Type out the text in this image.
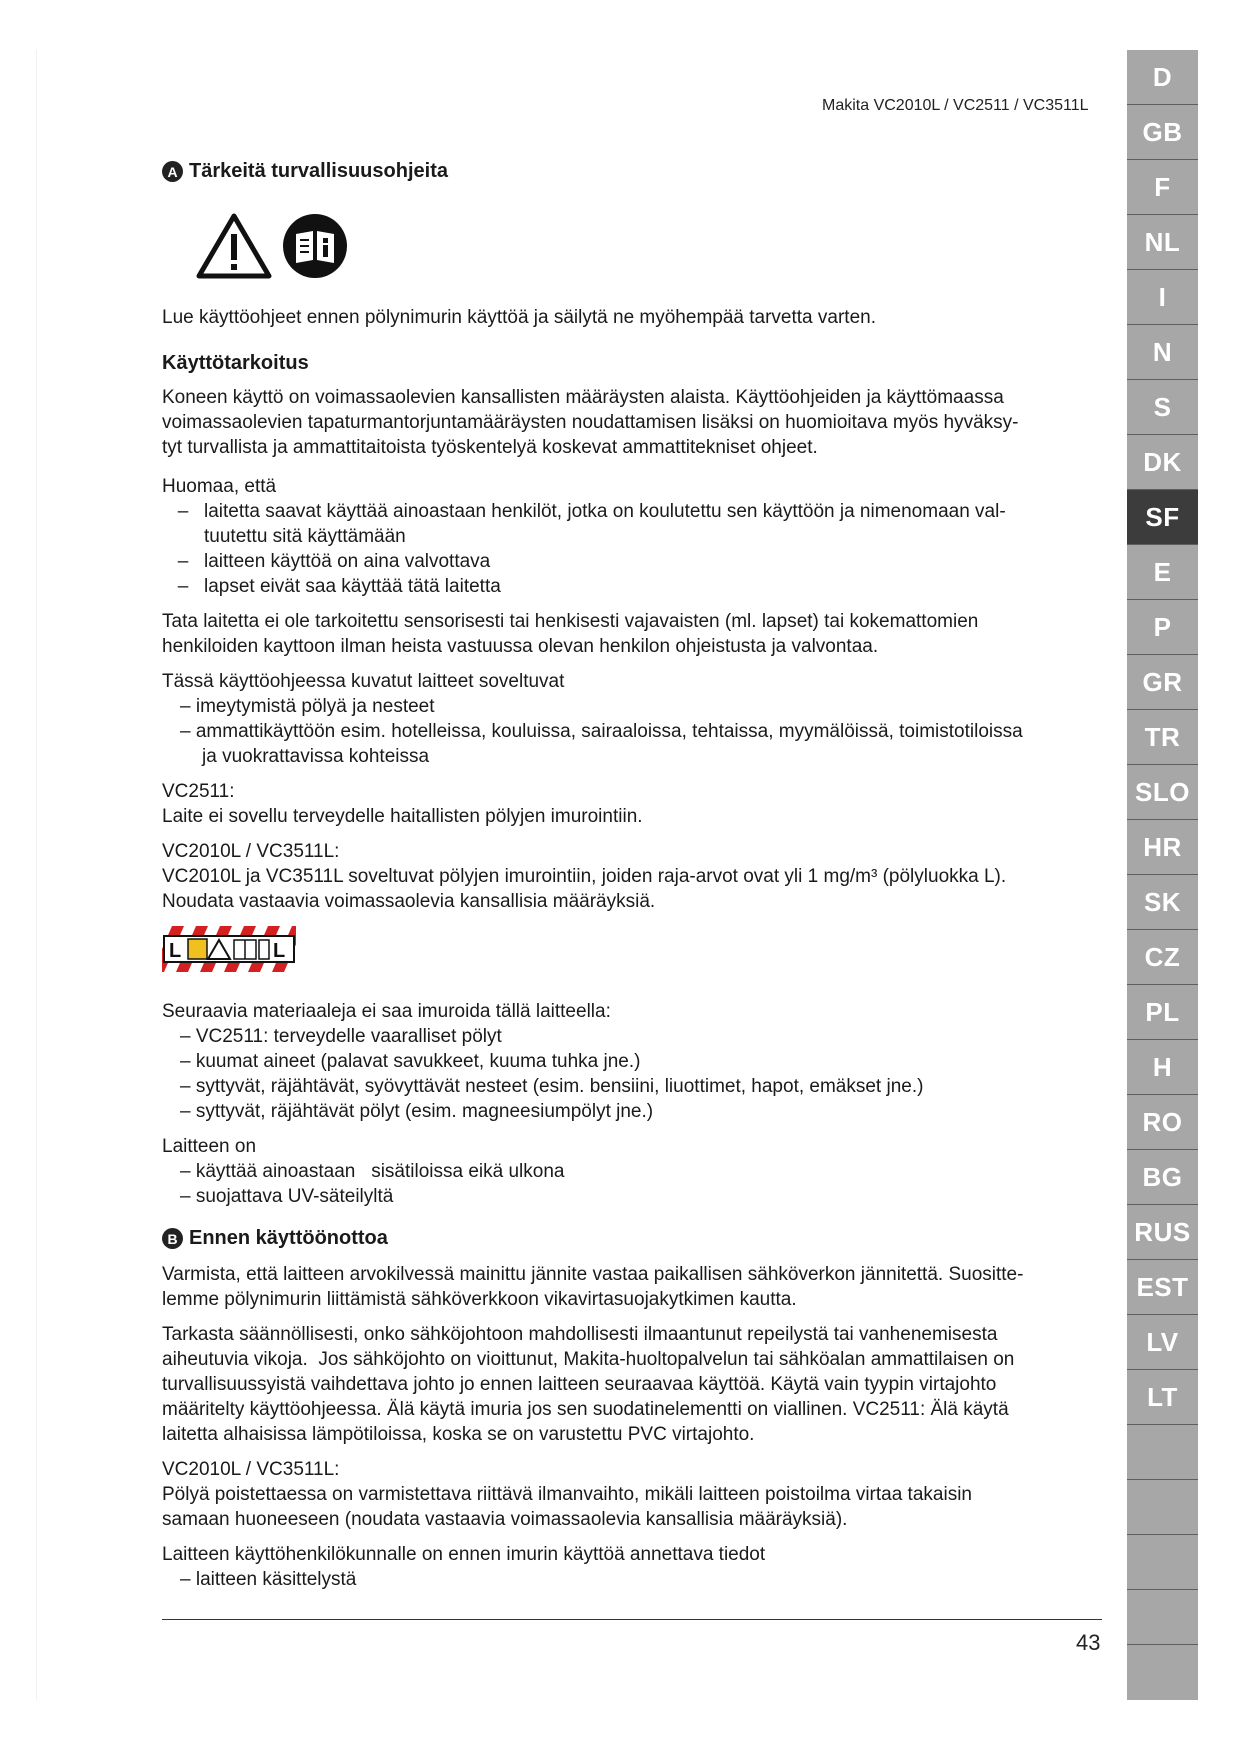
Makita VC2010L / VC2511 / VC3511L
D
GB
F
NL
I
N
S
DK
SF
E
P
GR
TR
SLO
HR
SK
CZ
PL
H
RO
BG
RUS
EST
LV
LT
A Tärkeitä turvallisuusohjeita

Lue käyttöohjeet ennen pölynimurin käyttöä ja säilytä ne myöhempää tarvetta varten.

Käyttötarkoitus
Koneen käyttö on voimassaolevien kansallisten määräysten alaista. Käyttöohjeiden ja käyttömaassa
voimassaolevien tapaturmantorjuntamääräysten noudattamisen lisäksi on huomioitava myös hyväksy-
tyt turvallista ja ammattitaitoista työskentelyä koskevat ammattitekniset ohjeet.
Huomaa, että
– laitetta saavat käyttää ainoastaan henkilöt, jotka on koulutettu sen käyttöön ja nimenomaan val-
tuutettu sitä käyttämään
– laitteen käyttöä on aina valvottava
– lapset eivät saa käyttää tätä laitetta
Tata laitetta ei ole tarkoitettu sensorisesti tai henkisesti vajavaisten (ml. lapset) tai kokemattomien
henkiloiden kayttoon ilman heista vastuussa olevan henkilon ohjeistusta ja valvontaa.
Tässä käyttöohjeessa kuvatut laitteet soveltuvat
– imeytymistä pölyä ja nesteet
– ammattikäyttöön esim. hotelleissa, kouluissa, sairaaloissa, tehtaissa, myymälöissä, toimistotiloissa
ja vuokrattavissa kohteissa
VC2511:
Laite ei sovellu terveydelle haitallisten pölyjen imurointiin.
VC2010L / VC3511L:
VC2010L ja VC3511L soveltuvat pölyjen imurointiin, joiden raja-arvot ovat yli 1 mg/m³ (pölyluokka L).
Noudata vastaavia voimassaolevia kansallisia määräyksiä.
L	L
Seuraavia materiaaleja ei saa imuroida tällä laitteella:
– VC2511: terveydelle vaaralliset pölyt
– kuumat aineet (palavat savukkeet, kuuma tuhka jne.)
– syttyvät, räjähtävät, syövyttävät nesteet (esim. bensiini, liuottimet, hapot, emäkset jne.)
– syttyvät, räjähtävät pölyt (esim. magneesiumpölyt jne.)
Laitteen on
– käyttää ainoastaan   sisätiloissa eikä ulkona
– suojattava UV-säteilyltä
B Ennen käyttöönottoa
Varmista, että laitteen arvokilvessä mainittu jännite vastaa paikallisen sähköverkon jännitettä. Suositte-
lemme pölynimurin liittämistä sähköverkkoon vikavirtasuojakytkimen kautta.
Tarkasta säännöllisesti, onko sähköjohtoon mahdollisesti ilmaantunut repeilystä tai vanhenemisesta
aiheutuvia vikoja.  Jos sähköjohto on vioittunut, Makita-huoltopalvelun tai sähköalan ammattilaisen on
turvallisuussyistä vaihdettava johto jo ennen laitteen seuraavaa käyttöä. Käytä vain tyypin virtajohto
määritelty käyttöohjeessa. Älä käytä imuria jos sen suodatinelementti on viallinen. VC2511: Älä käytä
laitetta alhaisissa lämpötiloissa, koska se on varustettu PVC virtajohto.
VC2010L / VC3511L:
Pölyä poistettaessa on varmistettava riittävä ilmanvaihto, mikäli laitteen poistoilma virtaa takaisin
samaan huoneeseen (noudata vastaavia voimassaolevia kansallisia määräyksiä).
Laitteen käyttöhenkilökunnalle on ennen imurin käyttöä annettava tiedot
– laitteen käsittelystä
43
